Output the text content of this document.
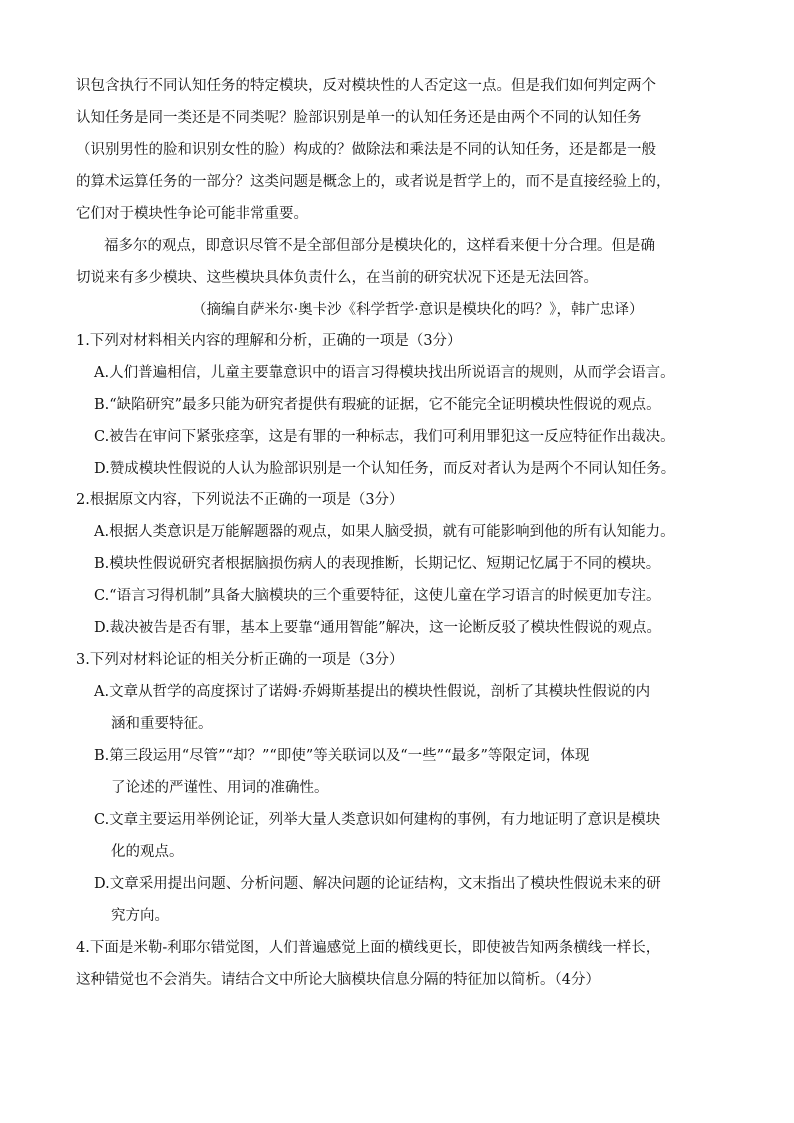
识包含执行不同认知任务的特定模块，反对模块性的人否定这一点。但是我们如何判定两个
认知任务是同一类还是不同类呢？脸部识别是单一的认知任务还是由两个不同的认知任务
（识别男性的脸和识别女性的脸）构成的？做除法和乘法是不同的认知任务，还是都是一般
的算术运算任务的一部分？这类问题是概念上的，或者说是哲学上的，而不是直接经验上的，
它们对于模块性争论可能非常重要。
福多尔的观点，即意识尽管不是全部但部分是模块化的，这样看来便十分合理。但是确
切说来有多少模块、这些模块具体负责什么，在当前的研究状况下还是无法回答。
（摘编自萨米尔·奥卡沙《科学哲学·意识是模块化的吗？》，韩广忠译）
1.下列对材料相关内容的理解和分析，正确的一项是（3分）
A.人们普遍相信，儿童主要靠意识中的语言习得模块找出所说语言的规则，从而学会语言。
B.“缺陷研究”最多只能为研究者提供有瑕疵的证据，它不能完全证明模块性假说的观点。
C.被告在审问下紧张痉挛，这是有罪的一种标志，我们可利用罪犯这一反应特征作出裁决。
D.赞成模块性假说的人认为脸部识别是一个认知任务，而反对者认为是两个不同认知任务。
2.根据原文内容，下列说法不正确的一项是（3分）
A.根据人类意识是万能解题器的观点，如果人脑受损，就有可能影响到他的所有认知能力。
B.模块性假说研究者根据脑损伤病人的表现推断，长期记忆、短期记忆属于不同的模块。
C.“语言习得机制”具备大脑模块的三个重要特征，这使儿童在学习语言的时候更加专注。
D.裁决被告是否有罪，基本上要靠“通用智能”解决，这一论断反驳了模块性假说的观点。
3.下列对材料论证的相关分析正确的一项是（3分）
A.文章从哲学的高度探讨了诺姆·乔姆斯基提出的模块性假说，剖析了其模块性假说的内
涵和重要特征。
B.第三段运用“尽管”“却？”“即使”等关联词以及“一些”“最多”等限定词，体现
了论述的严谨性、用词的准确性。
C.文章主要运用举例论证，列举大量人类意识如何建构的事例，有力地证明了意识是模块
化的观点。
D.文章采用提出问题、分析问题、解决问题的论证结构，文末指出了模块性假说未来的研
究方向。
4.下面是米勒-利耶尔错觉图，人们普遍感觉上面的横线更长，即使被告知两条横线一样长，
这种错觉也不会消失。请结合文中所论大脑模块信息分隔的特征加以简析。（4分）
